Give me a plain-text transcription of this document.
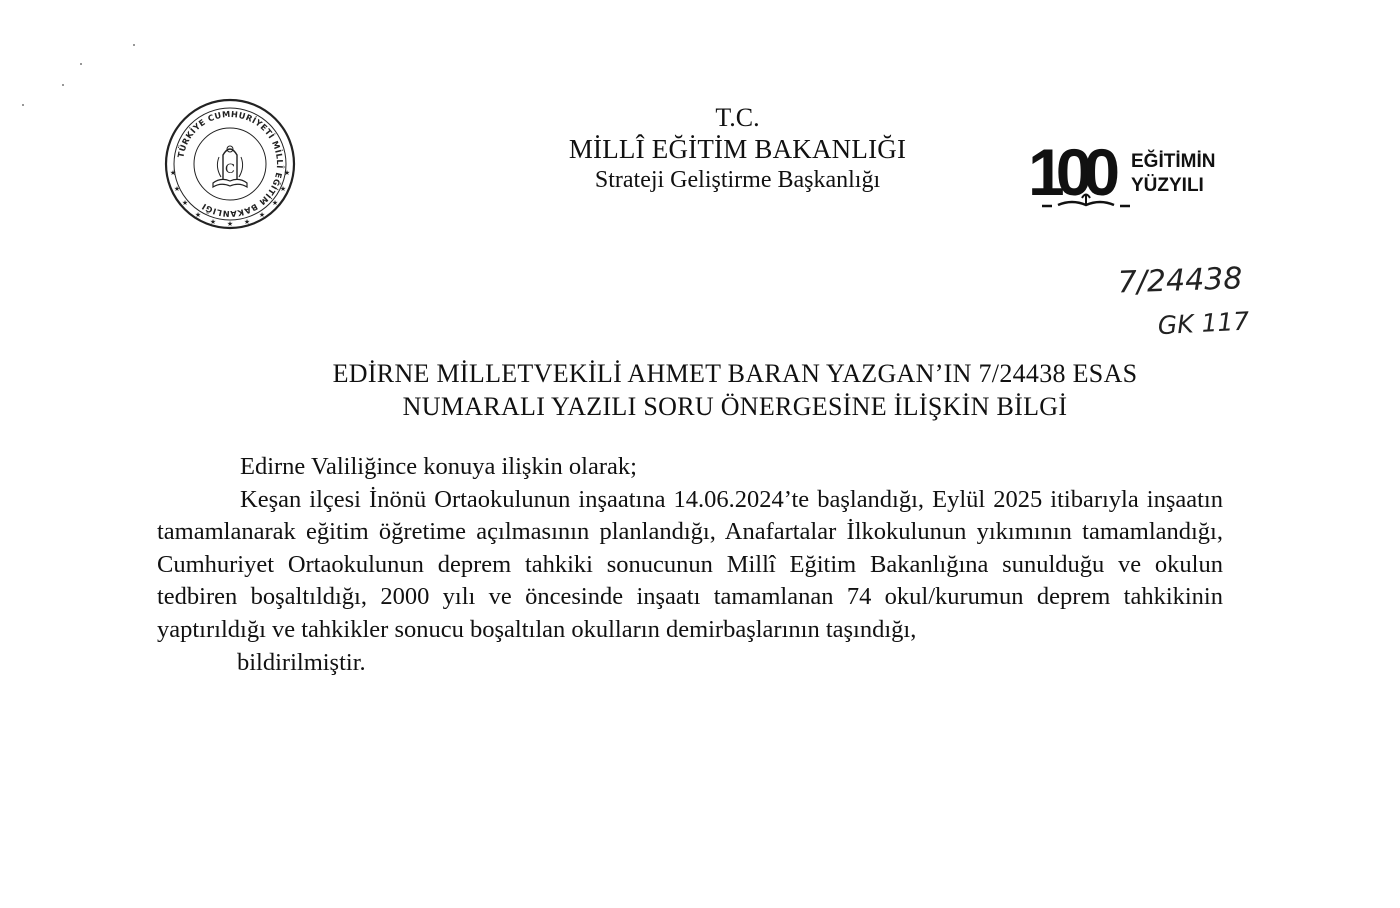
TÜRKİYE CUMHURİYETİ MİLLÎ EĞİTİM BAKANLIĞI
★
★	★
★	★
★	★
★	★
★	★
C
T.C.
MİLLÎ EĞİTİM BAKANLIĞI
Strateji Geliştirme Başkanlığı	100	EĞİTİMİN
YÜZYILI
7/24438
GK 117
EDİRNE MİLLETVEKİLİ AHMET BARAN YAZGAN’IN 7/24438 ESAS
NUMARALI YAZILI SORU ÖNERGESİNE İLİŞKİN BİLGİ
Edirne Valiliğince konuya ilişkin olarak;

Keşan ilçesi İnönü Ortaokulunun inşaatına 14.06.2024’te başlandığı, Eylül 2025 itibarıyla inşaatın tamamlanarak eğitim öğretime açılmasının planlandığı, Anafartalar İlkokulunun yıkımının tamamlandığı, Cumhuriyet Ortaokulunun deprem tahkiki sonucunun Millî Eğitim Bakanlığına sunulduğu ve okulun tedbiren boşaltıldığı, 2000 yılı ve öncesinde inşaatı tamamlanan 74 okul/kurumun deprem tahkikinin yaptırıldığı ve tahkikler sonucu boşaltılan okulların demirbaşlarının taşındığı,

bildirilmiştir.
